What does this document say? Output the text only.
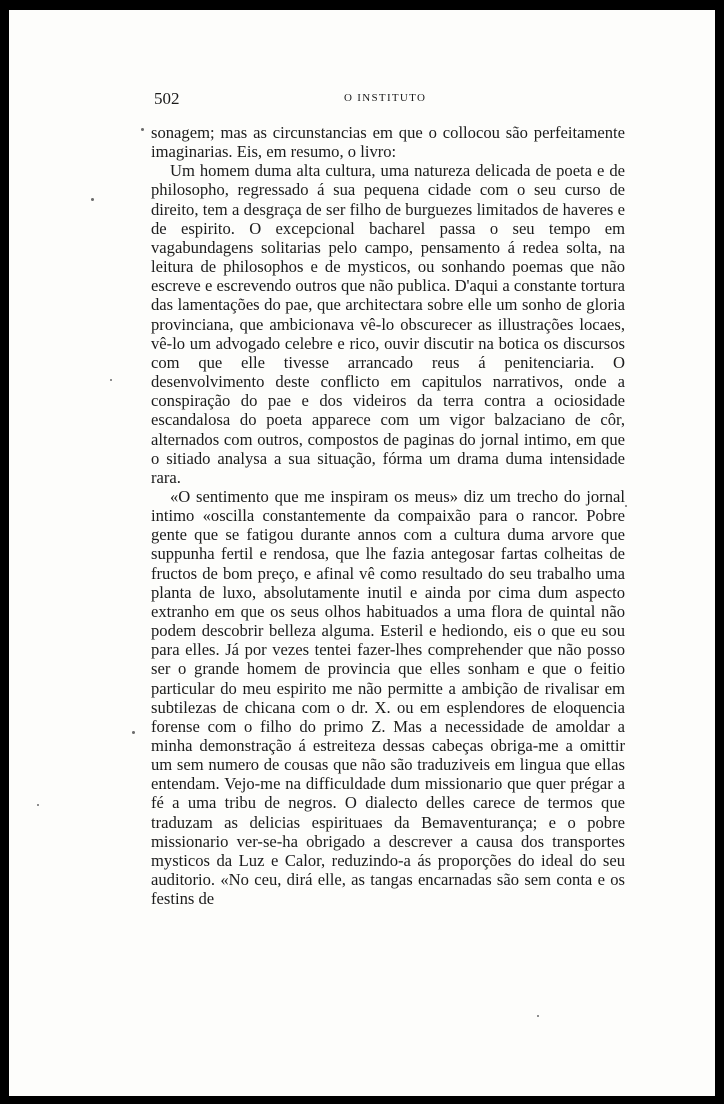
502	O INSTITUTO

sonagem; mas as circunstancias em que o collocou são perfeitamente imaginarias. Eis, em resumo, o livro:

Um homem duma alta cultura, uma natureza delicada de poeta e de philosopho, regressado á sua pequena cidade com o seu curso de direito, tem a desgraça de ser filho de burguezes limitados de haveres e de espirito. O excepcional bacharel passa o seu tempo em vagabundagens solitarias pelo campo, pensamento á redea solta, na leitura de philosophos e de mysticos, ou sonhando poemas que não escreve e escrevendo outros que não publica. D'aqui a constante tortura das lamentações do pae, que architectara sobre elle um sonho de gloria provinciana, que ambicionava vê-lo obscurecer as illustrações locaes, vê-lo um advogado celebre e rico, ouvir discutir na botica os discursos com que elle tivesse arrancado reus á penitenciaria. O desenvolvimento deste conflicto em capitulos narrativos, onde a conspiração do pae e dos videiros da terra contra a ociosidade escandalosa do poeta apparece com um vigor balzaciano de côr, alternados com outros, compostos de paginas do jornal intimo, em que o sitiado analysa a sua situação, fórma um drama duma intensidade rara.

«O sentimento que me inspiram os meus» diz um trecho do jornal intimo «oscilla constantemente da compaixão para o rancor. Pobre gente que se fatigou durante annos com a cultura duma arvore que suppunha fertil e rendosa, que lhe fazia antegosar fartas colheitas de fructos de bom preço, e afinal vê como resultado do seu trabalho uma planta de luxo, absolutamente inutil e ainda por cima dum aspecto extranho em que os seus olhos habituados a uma flora de quintal não podem descobrir belleza alguma. Esteril e hediondo, eis o que eu sou para elles. Já por vezes tentei fazer-lhes comprehender que não posso ser o grande homem de provincia que elles sonham e que o feitio particular do meu espirito me não permitte a ambição de rivalisar em subtilezas de chicana com o dr. X. ou em esplendores de eloquencia forense com o filho do primo Z. Mas a necessidade de amoldar a minha demonstração á estreiteza dessas cabeças obriga-me a omittir um sem numero de cousas que não são traduziveis em lingua que ellas entendam. Vejo-me na difficuldade dum missionario que quer prégar a fé a uma tribu de negros. O dialecto delles carece de termos que traduzam as delicias espirituaes da Bemaventurança; e o pobre missionario ver-se-ha obrigado a descrever a causa dos transportes mysticos da Luz e Calor, reduzindo-a ás proporções do ideal do seu auditorio. «No ceu, dirá elle, as tangas encarnadas são sem conta e os festins de
